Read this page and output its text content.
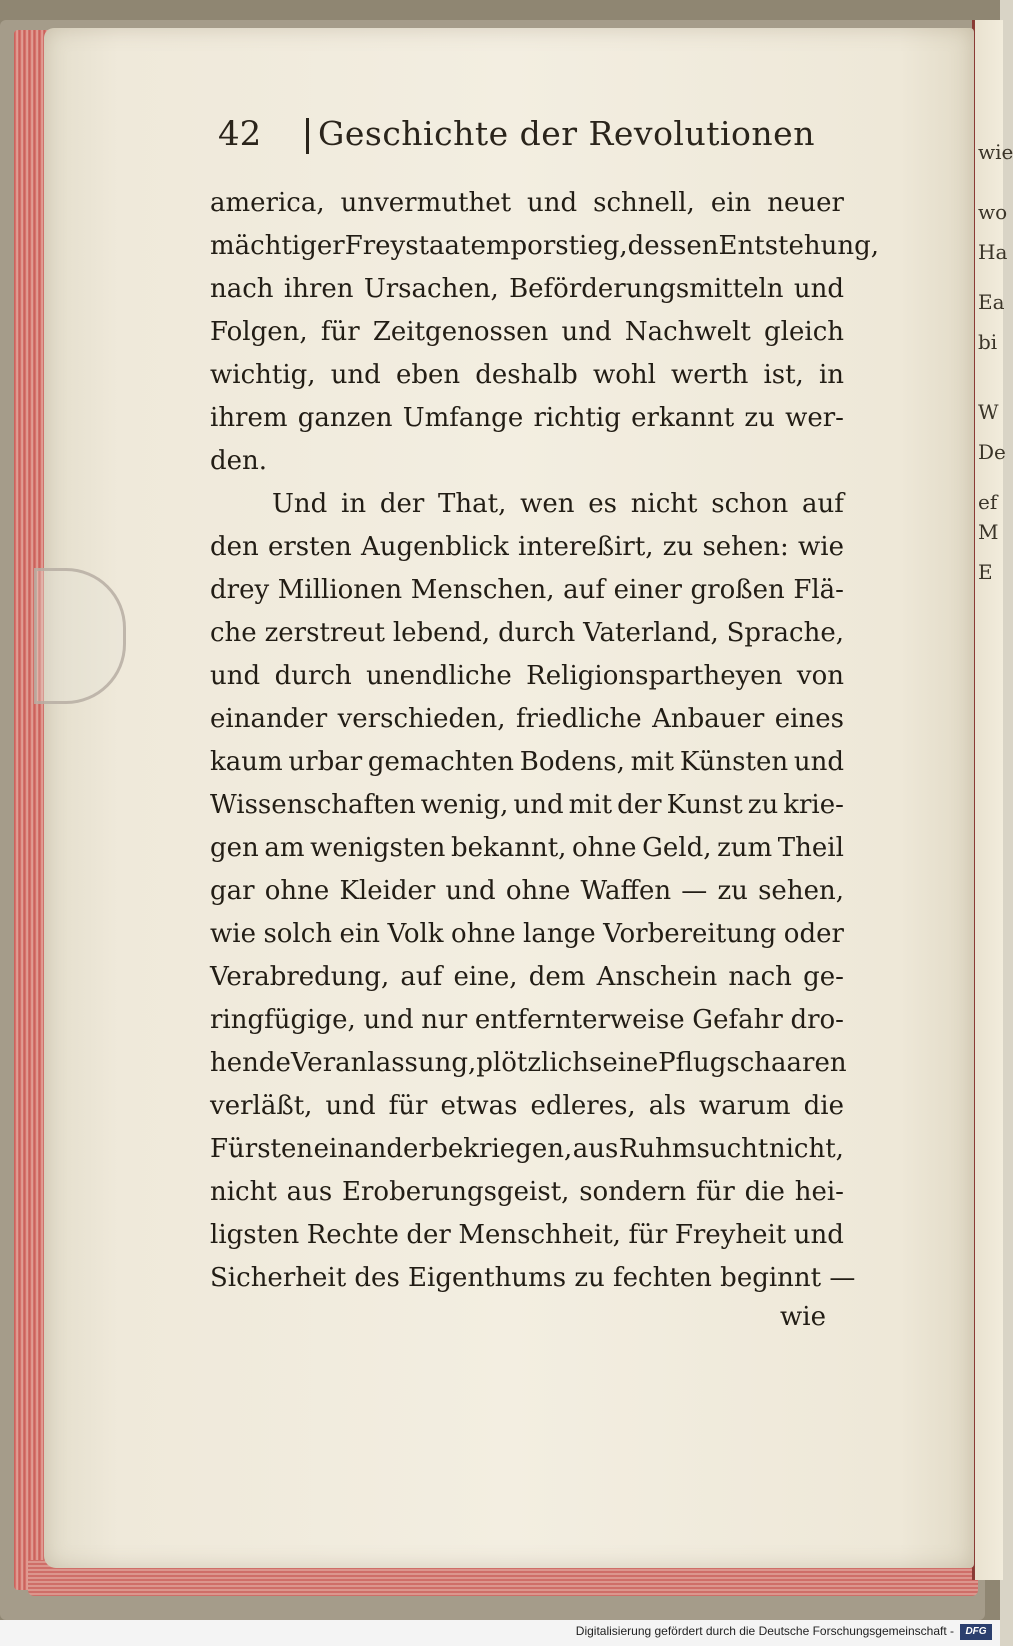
wie
wo
Ha
Ea
bi
W
De
ef
M
E
42 Geschichte der Revolutionen
america, unvermuthet und schnell, ein neuer
mächtiger Freystaat emporstieg, dessen Entstehung,
nach ihren Ursachen, Beförderungsmitteln und
Folgen, für Zeitgenossen und Nachwelt gleich
wichtig, und eben deshalb wohl werth ist, in
ihrem ganzen Umfange richtig erkannt zu wer-
den.
Und in der That, wen es nicht schon auf
den ersten Augenblick intereßirt, zu sehen: wie
drey Millionen Menschen, auf einer großen Flä-
che zerstreut lebend, durch Vaterland, Sprache,
und durch unendliche Religionspartheyen von
einander verschieden, friedliche Anbauer eines
kaum urbar gemachten Bodens, mit Künsten und
Wissenschaften wenig, und mit der Kunst zu krie-
gen am wenigsten bekannt, ohne Geld, zum Theil
gar ohne Kleider und ohne Waffen — zu sehen,
wie solch ein Volk ohne lange Vorbereitung oder
Verabredung, auf eine, dem Anschein nach ge-
ringfügige, und nur entfernterweise Gefahr dro-
hende Veranlassung, plötzlich seine Pflugschaaren
verläßt, und für etwas edleres, als warum die
Fürsten einander bekriegen, aus Ruhmsucht nicht,
nicht aus Eroberungsgeist, sondern für die hei-
ligsten Rechte der Menschheit, für Freyheit und
Sicherheit des Eigenthums zu fechten beginnt —
wie
Digitalisierung gefördert durch die Deutsche Forschungsgemeinschaft -	DFG
